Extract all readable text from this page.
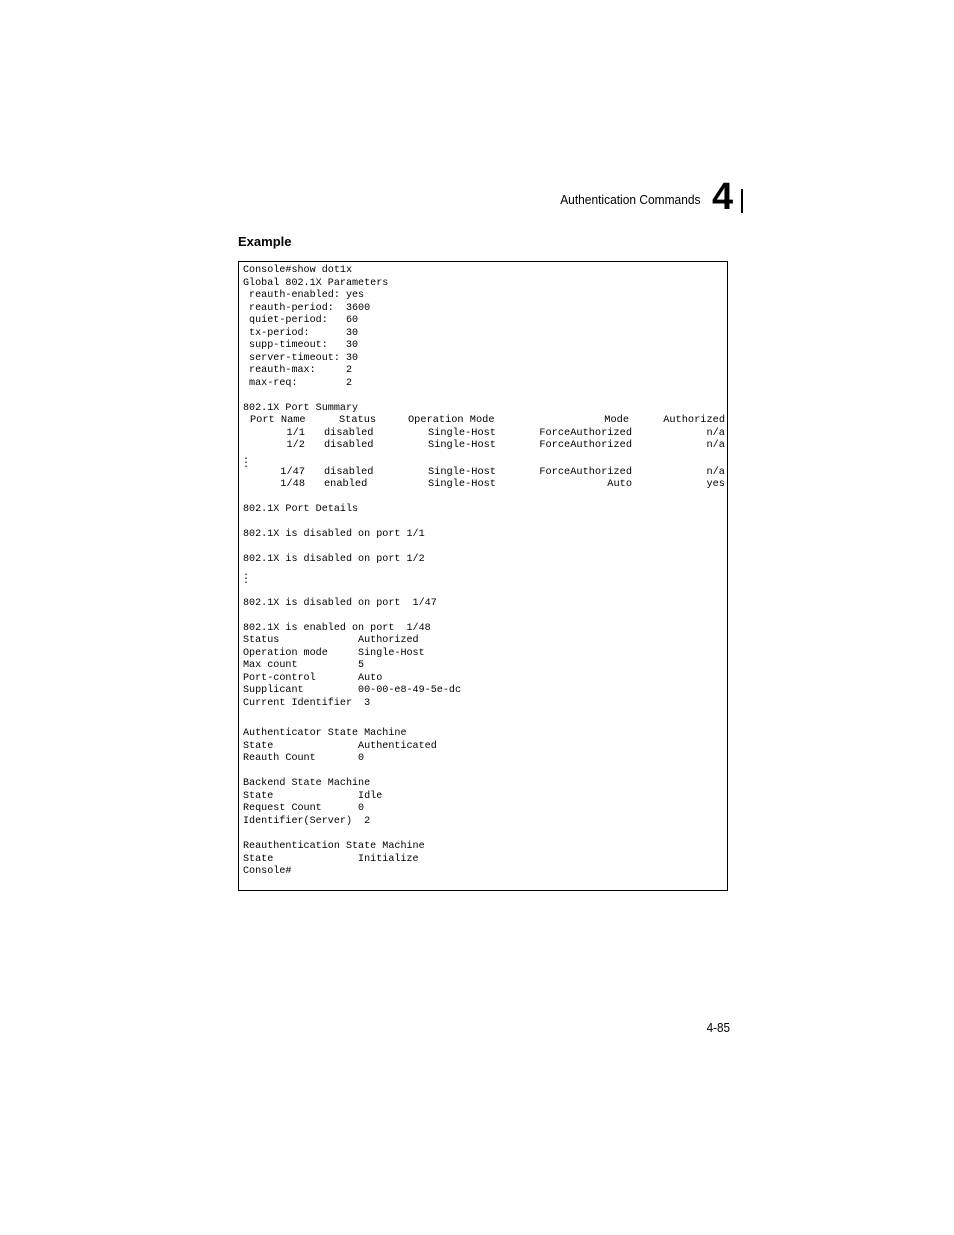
Authentication Commands 4
Example
Console#show dot1x
Global 802.1X Parameters
reauth-enabled: yes
reauth-period:  3600
quiet-period:   60
tx-period:      30
supp-timeout:   30
server-timeout: 30
reauth-max:     2
max-req:        2
802.1X Port Summary
Port Name	Status	Operation Mode	Mode	Authorized
1/1 disabled	Single-Host	ForceAuthorized	n/a
1/2 disabled	Single-Host	ForceAuthorized	n/a
.
.
.	1/47 disabled	Single-Host	ForceAuthorized	n/a
1/48 enabled	Single-Host	Auto	yes
802.1X Port Details
802.1X is disabled on port 1/1
802.1X is disabled on port 1/2
.
.
.
802.1X is disabled on port  1/47
802.1X is enabled on port  1/48
Status             Authorized
Operation mode     Single-Host
Max count          5
Port-control       Auto
Supplicant         00-00-e8-49-5e-dc
Current Identifier  3
Authenticator State Machine
State              Authenticated
Reauth Count       0
Backend State Machine
State              Idle
Request Count      0
Identifier(Server)  2
Reauthentication State Machine
State              Initialize
Console#
4-85
